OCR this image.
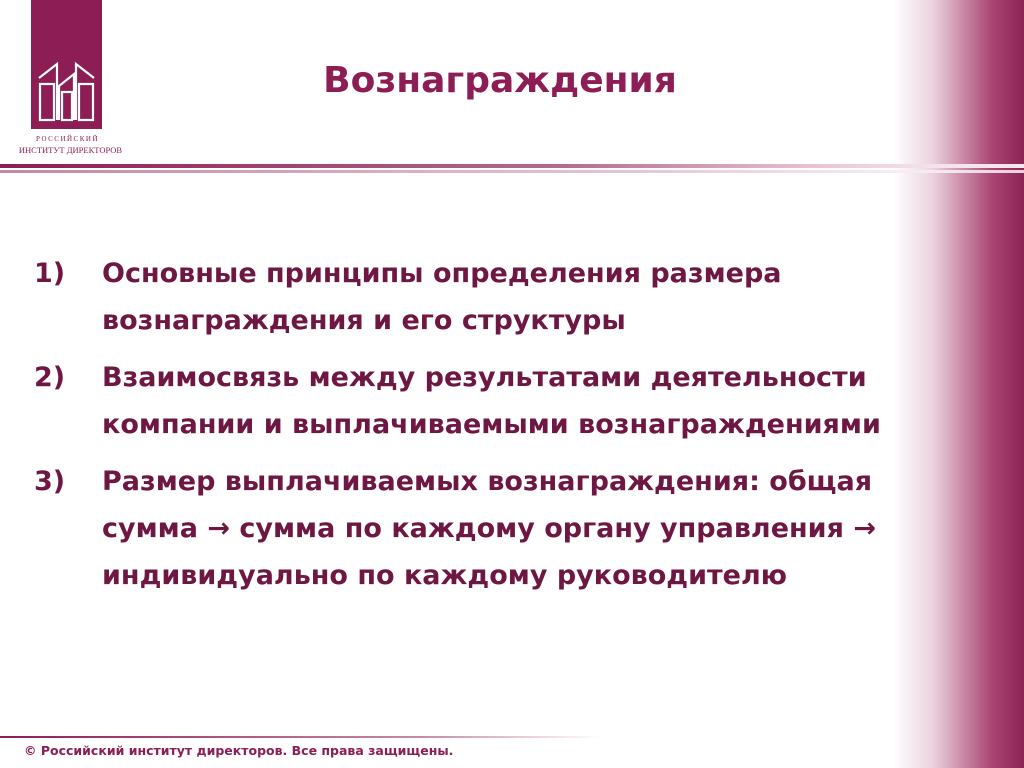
РОССИЙСКИЙ
ИНСТИТУТ ДИРЕКТОРОВ
Вознаграждения
1) Основные принципы определения размера вознаграждения и его структуры
2) Взаимосвязь между результатами деятельности компании и выплачиваемыми вознаграждениями
3) Размер выплачиваемых вознаграждения: общая сумма → сумма по каждому органу управления → индивидуально по каждому руководителю
© Российский институт директоров. Все права защищены.
